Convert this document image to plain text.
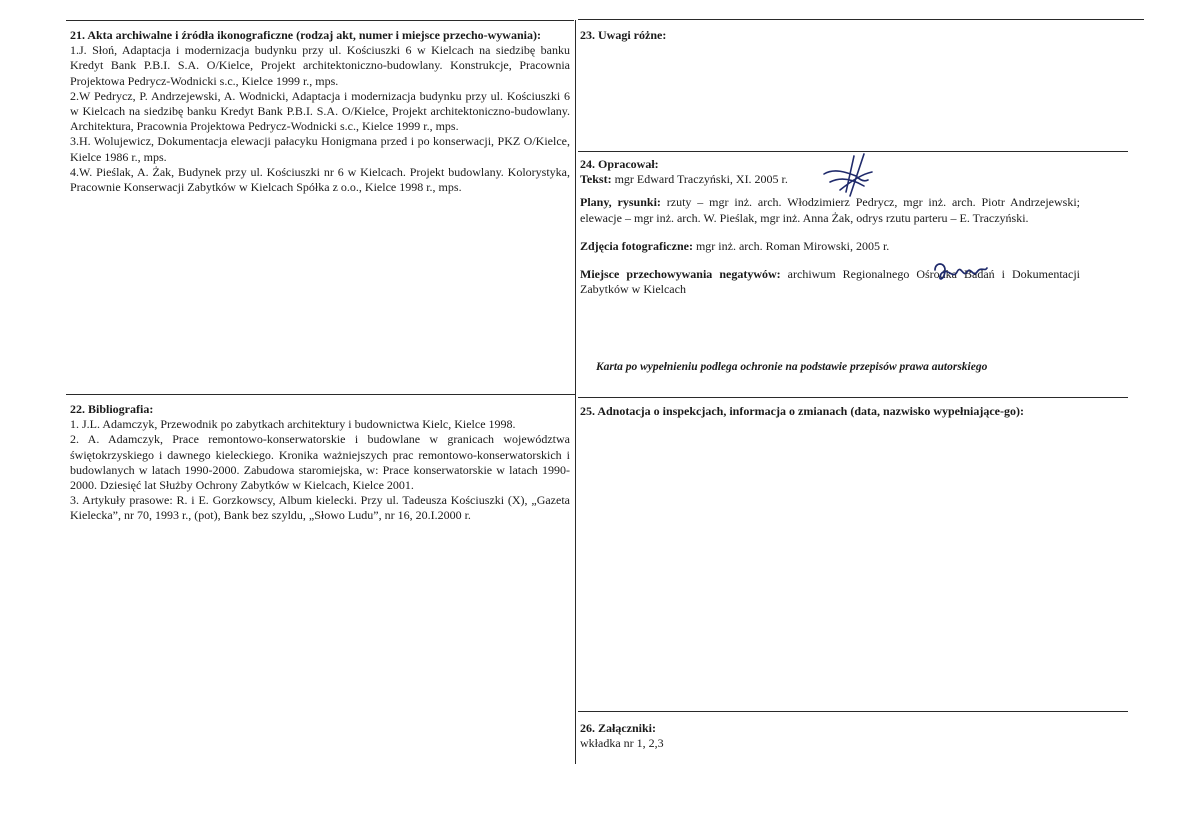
21. Akta archiwalne i źródła ikonograficzne (rodzaj akt, numer i miejsce przecho-wywania):

1.J. Słoń, Adaptacja i modernizacja budynku przy ul. Kościuszki 6 w Kielcach na siedzibę banku Kredyt Bank P.B.I. S.A. O/Kielce, Projekt architektoniczno-budowlany. Konstrukcje, Pracownia Projektowa Pedrycz-Wodnicki s.c., Kielce 1999 r., mps.

2.W Pedrycz, P. Andrzejewski, A. Wodnicki, Adaptacja i modernizacja budynku przy ul. Kościuszki 6 w Kielcach na siedzibę banku Kredyt Bank P.B.I. S.A. O/Kielce, Projekt architektoniczno-budowlany. Architektura, Pracownia Projektowa Pedrycz-Wodnicki s.c., Kielce 1999 r., mps.

3.H. Wolujewicz, Dokumentacja elewacji pałacyku Honigmana przed i po konserwacji, PKZ O/Kielce, Kielce 1986 r., mps.

4.W. Pieślak, A. Żak, Budynek przy ul. Kościuszki nr 6 w Kielcach. Projekt budowlany. Kolorystyka, Pracownie Konserwacji Zabytków w Kielcach Spółka z o.o., Kielce 1998 r., mps.

22. Bibliografia:

1. J.L. Adamczyk, Przewodnik po zabytkach architektury i budownictwa Kielc, Kielce 1998.

2. A. Adamczyk, Prace remontowo-konserwatorskie i budowlane w granicach województwa świętokrzyskiego i dawnego kieleckiego. Kronika ważniejszych prac remontowo-konserwatorskich i budowlanych w latach 1990-2000. Zabudowa staromiejska, w: Prace konserwatorskie w latach 1990-2000. Dziesięć lat Służby Ochrony Zabytków w Kielcach, Kielce 2001.

3. Artykuły prasowe: R. i E. Gorzkowscy, Album kielecki. Przy ul. Tadeusza Kościuszki (X), „Gazeta Kielecka”, nr 70, 1993 r., (pot), Bank bez szyldu, „Słowo Ludu”, nr 16, 20.I.2000 r.

23. Uwagi różne:

24. Opracował:

Tekst: mgr Edward Traczyński, XI. 2005 r.

Plany, rysunki: rzuty – mgr inż. arch. Włodzimierz Pedrycz, mgr inż. arch. Piotr Andrzejewski; elewacje – mgr inż. arch. W. Pieślak, mgr inż. Anna Żak, odrys rzutu parteru – E. Traczyński.

Zdjęcia fotograficzne: mgr inż. arch. Roman Mirowski, 2005 r.

Miejsce przechowywania negatywów: archiwum Regionalnego Ośrodka Badań i Dokumentacji Zabytków w Kielcach

Karta po wypełnieniu podlega ochronie na podstawie przepisów prawa autorskiego

25. Adnotacja o inspekcjach, informacja o zmianach (data, nazwisko wypełniające-go):

26. Załączniki:

wkładka nr 1, 2,3
